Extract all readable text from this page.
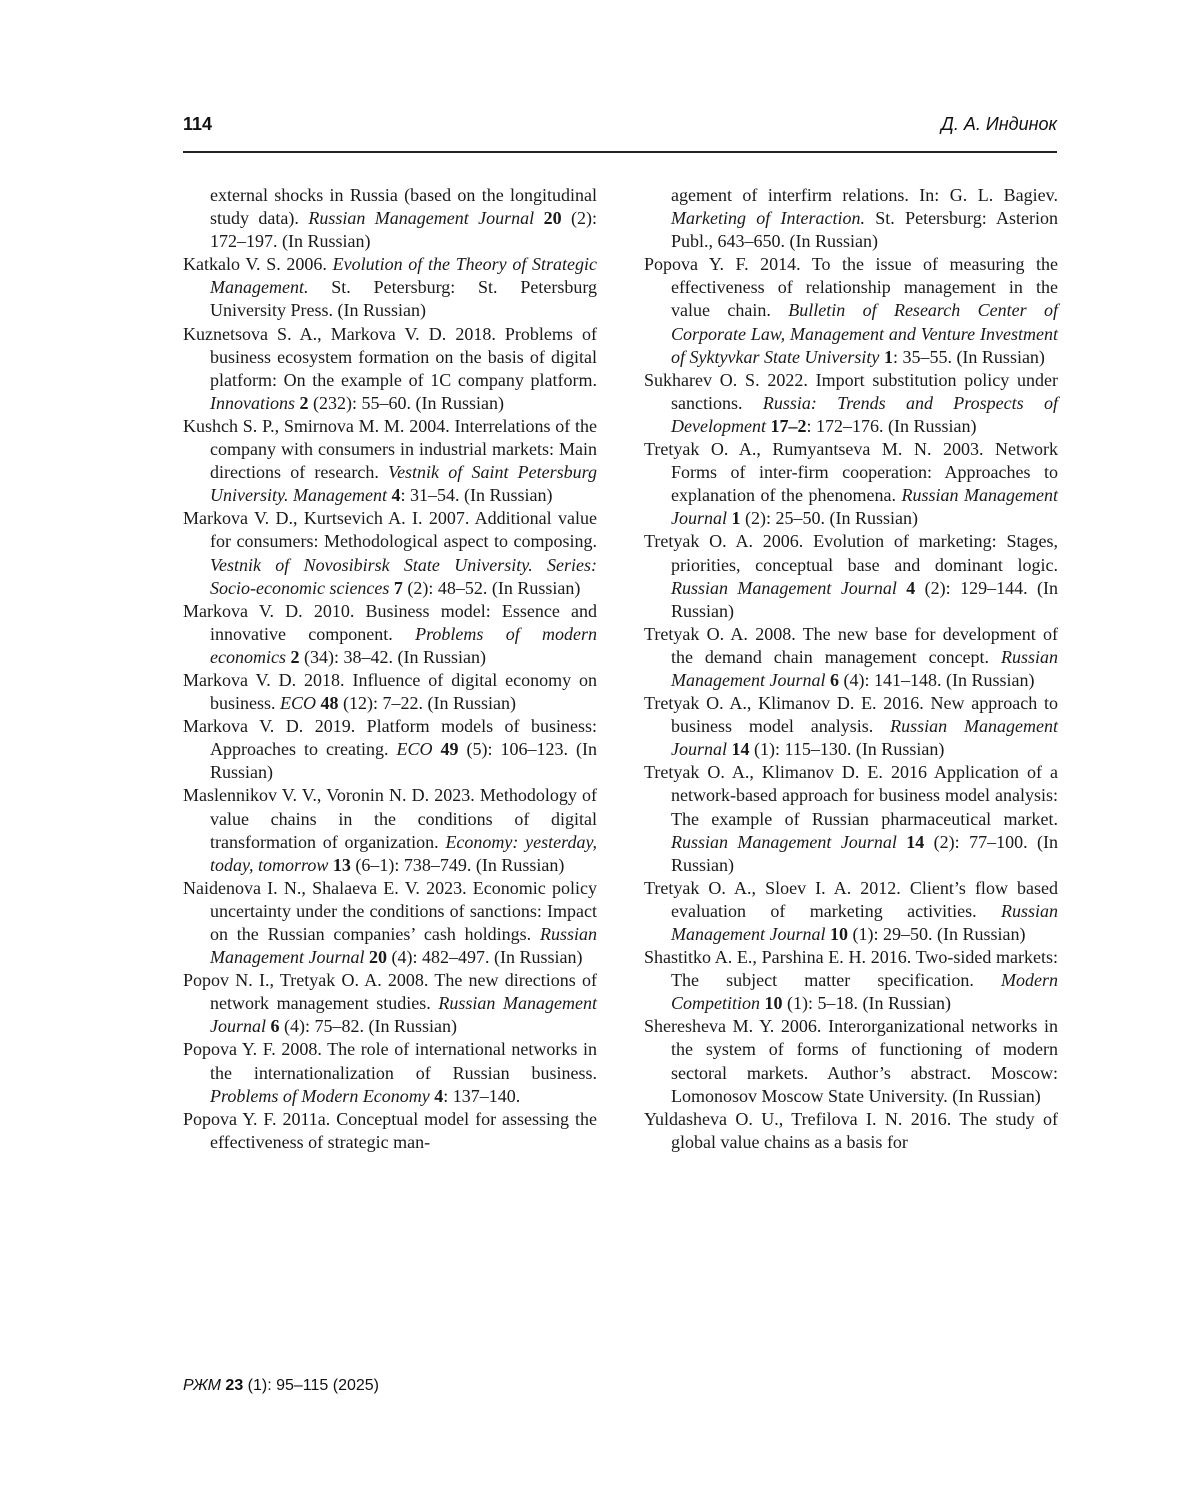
114	Д. А. Индинок

external shocks in Russia (based on the longitudinal study data). Russian Management Journal 20 (2): 172–197. (In Russian)

Katkalo V. S. 2006. Evolution of the Theory of Strategic Management. St. Petersburg: St. Petersburg University Press. (In Russian)

Kuznetsova S. A., Markova V. D. 2018. Problems of business ecosystem formation on the basis of digital platform: On the example of 1C company platform. Innovations 2 (232): 55–60. (In Russian)

Kushch S. P., Smirnova M. M. 2004. Interrelations of the company with consumers in industrial markets: Main directions of research. Vestnik of Saint Petersburg University. Management 4: 31–54. (In Russian)

Markova V. D., Kurtsevich A. I. 2007. Additional value for consumers: Methodological aspect to composing. Vestnik of Novosibirsk State University. Series: Socio-economic sciences 7 (2): 48–52. (In Russian)

Markova V. D. 2010. Business model: Essence and innovative component. Problems of modern economics 2 (34): 38–42. (In Russian)

Markova V. D. 2018. Influence of digital economy on business. ECO 48 (12): 7–22. (In Russian)

Markova V. D. 2019. Platform models of business: Approaches to creating. ECO 49 (5): 106–123. (In Russian)

Maslennikov V. V., Voronin N. D. 2023. Methodology of value chains in the conditions of digital transformation of organization. Economy: yesterday, today, tomorrow 13 (6–1): 738–749. (In Russian)

Naidenova I. N., Shalaeva E. V. 2023. Economic policy uncertainty under the conditions of sanctions: Impact on the Russian companies’ cash holdings. Russian Management Journal 20 (4): 482–497. (In Russian)

Popov N. I., Tretyak O. A. 2008. The new directions of network management studies. Russian Management Journal 6 (4): 75–82. (In Russian)

Popova Y. F. 2008. The role of international networks in the internationalization of Russian business. Problems of Modern Economy 4: 137–140.

Popova Y. F. 2011a. Conceptual model for assessing the effectiveness of strategic man-

agement of interfirm relations. In: G. L. Bagiev. Marketing of Interaction. St. Petersburg: Asterion Publ., 643–650. (In Russian)

Popova Y. F. 2014. To the issue of measuring the effectiveness of relationship management in the value chain. Bulletin of Research Center of Corporate Law, Management and Venture Investment of Syktyvkar State University 1: 35–55. (In Russian)

Sukharev O. S. 2022. Import substitution policy under sanctions. Russia: Trends and Prospects of Development 17–2: 172–176. (In Russian)

Tretyak O. A., Rumyantseva M. N. 2003. Network Forms of inter-firm cooperation: Approaches to explanation of the phenomena. Russian Management Journal 1 (2): 25–50. (In Russian)

Tretyak O. A. 2006. Evolution of marketing: Stages, priorities, conceptual base and dominant logic. Russian Management Journal 4 (2): 129–144. (In Russian)

Tretyak O. A. 2008. The new base for development of the demand chain management concept. Russian Management Journal 6 (4): 141–148. (In Russian)

Tretyak O. A., Klimanov D. E. 2016. New approach to business model analysis. Russian Management Journal 14 (1): 115–130. (In Russian)

Tretyak O. A., Klimanov D. E. 2016 Application of a network-based approach for business model analysis: The example of Russian pharmaceutical market. Russian Management Journal 14 (2): 77–100. (In Russian)

Tretyak O. A., Sloev I. A. 2012. Client’s flow based evaluation of marketing activities. Russian Management Journal 10 (1): 29–50. (In Russian)

Shastitko A. E., Parshina E. H. 2016. Two-sided markets: The subject matter specification. Modern Competition 10 (1): 5–18. (In Russian)

Sheresheva M. Y. 2006. Interorganizational networks in the system of forms of functioning of modern sectoral markets. Author’s abstract. Moscow: Lomonosov Moscow State University. (In Russian)

Yuldasheva O. U., Trefilova I. N. 2016. The study of global value chains as a basis for

РЖМ 23 (1): 95–115 (2025)
